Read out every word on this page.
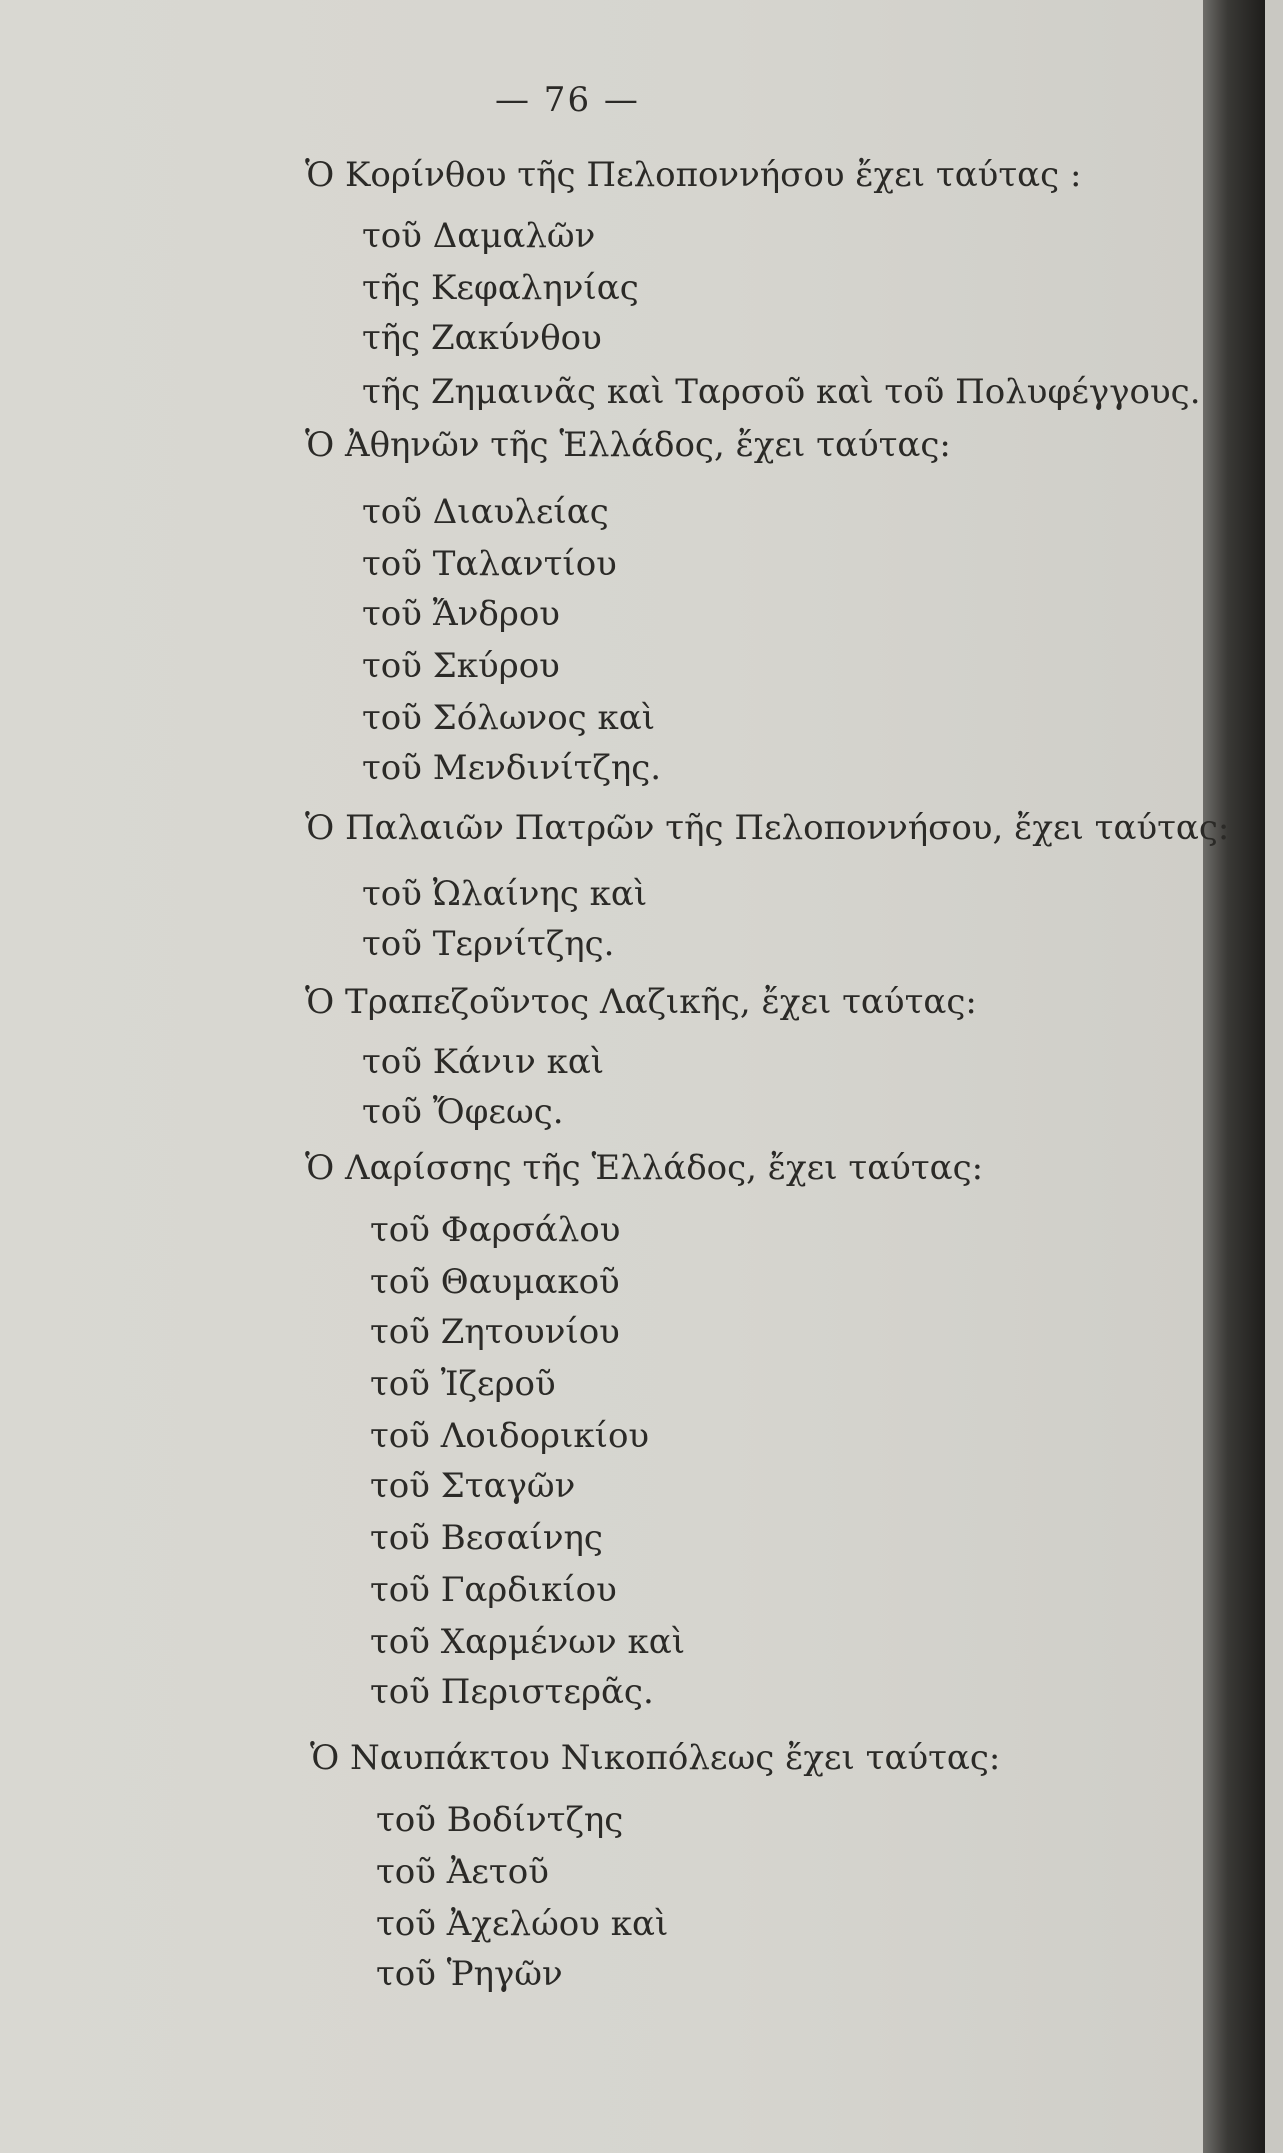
— 76 —
Ὁ Κορίνθου τῆς Πελοποννήσου ἔχει ταύτας :
τοῦ Δαμαλῶν
τῆς Κεφαληνίας
τῆς Ζακύνθου
τῆς Ζημαινᾶς καὶ Ταρσοῦ καὶ τοῦ Πολυφέγγους.
Ὁ Ἀθηνῶν τῆς Ἑλλάδος, ἔχει ταύτας:
τοῦ Διαυλείας
τοῦ Ταλαντίου
τοῦ Ἄνδρου
τοῦ Σκύρου
τοῦ Σόλωνος καὶ
τοῦ Μενδινίτζης.
Ὁ Παλαιῶν Πατρῶν τῆς Πελοποννήσου, ἔχει ταύτας:
τοῦ Ὠλαίνης καὶ
τοῦ Τερνίτζης.
Ὁ Τραπεζοῦντος Λαζικῆς, ἔχει ταύτας:
τοῦ Κάνιν καὶ
τοῦ Ὄφεως.
Ὁ Λαρίσσης τῆς Ἑλλάδος, ἔχει ταύτας:
τοῦ Φαρσάλου
τοῦ Θαυμακοῦ
τοῦ Ζητουνίου
τοῦ Ἰζεροῦ
τοῦ Λοιδορικίου
τοῦ Σταγῶν
τοῦ Βεσαίνης
τοῦ Γαρδικίου
τοῦ Χαρμένων καὶ
τοῦ Περιστερᾶς.
Ὁ Ναυπάκτου Νικοπόλεως ἔχει ταύτας:
τοῦ Βοδίντζης
τοῦ Ἀετοῦ
τοῦ Ἀχελώου καὶ
τοῦ Ῥηγῶν
